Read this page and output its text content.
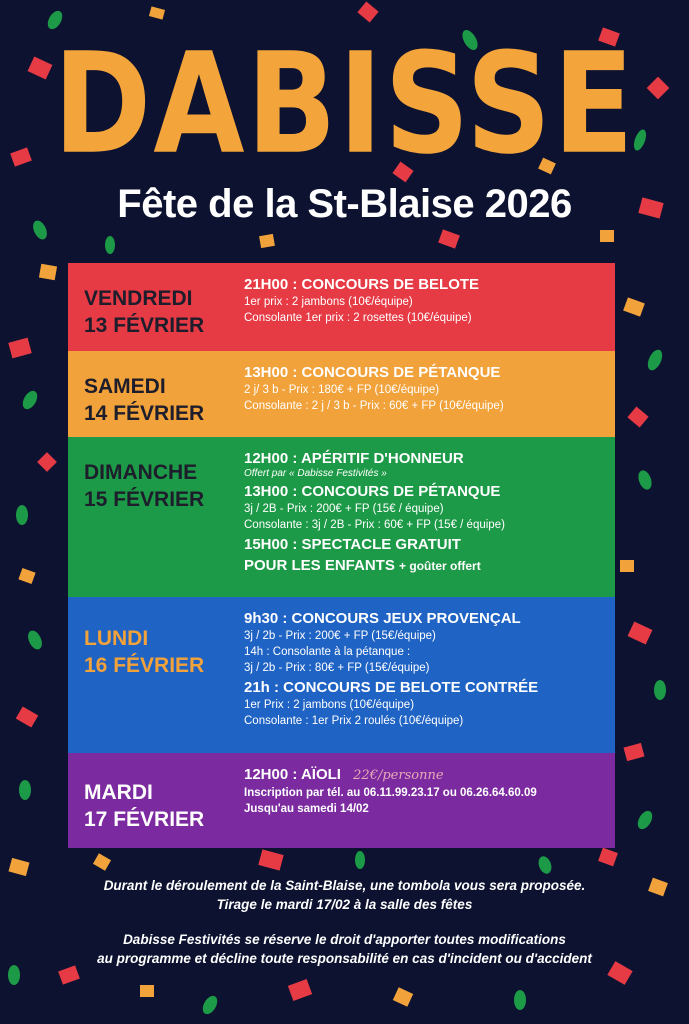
DABISSE
Fête de la St-Blaise 2026
VENDREDI
13 FÉVRIER
21H00 : CONCOURS DE BELOTE
1er prix : 2 jambons (10€/équipe)
Consolante 1er prix : 2 rosettes (10€/équipe)
SAMEDI
14 FÉVRIER
13H00 : CONCOURS DE PÉTANQUE
2 j/ 3 b - Prix : 180€ + FP (10€/équipe)
Consolante : 2 j / 3 b - Prix : 60€ + FP (10€/équipe)
DIMANCHE
15 FÉVRIER
12H00 : APÉRITIF D'HONNEUR
Offert par « Dabisse Festivités »
13H00 : CONCOURS DE PÉTANQUE
3j / 2B - Prix : 200€ + FP (15€ / équipe)
Consolante : 3j / 2B - Prix : 60€ + FP (15€ / équipe)
15H00 : SPECTACLE GRATUIT
POUR LES ENFANTS + goûter offert
LUNDI
16 FÉVRIER
9h30 : CONCOURS JEUX PROVENÇAL
3j / 2b - Prix : 200€ + FP (15€/équipe)
14h : Consolante à la pétanque :
3j / 2b - Prix : 80€ + FP (15€/équipe)
21h : CONCOURS DE BELOTE CONTRÉE
1er Prix : 2 jambons (10€/équipe)
Consolante : 1er Prix 2 roulés (10€/équipe)
MARDI
17 FÉVRIER
12H00 : AÏOLI 22€/personne
Inscription par tél. au 06.11.99.23.17 ou 06.26.64.60.09
Jusqu'au samedi 14/02
Durant le déroulement de la Saint-Blaise, une tombola vous sera proposée.
Tirage le mardi 17/02 à la salle des fêtes
Dabisse Festivités se réserve le droit d'apporter toutes modifications
au programme et décline toute responsabilité en cas d'incident ou d'accident
